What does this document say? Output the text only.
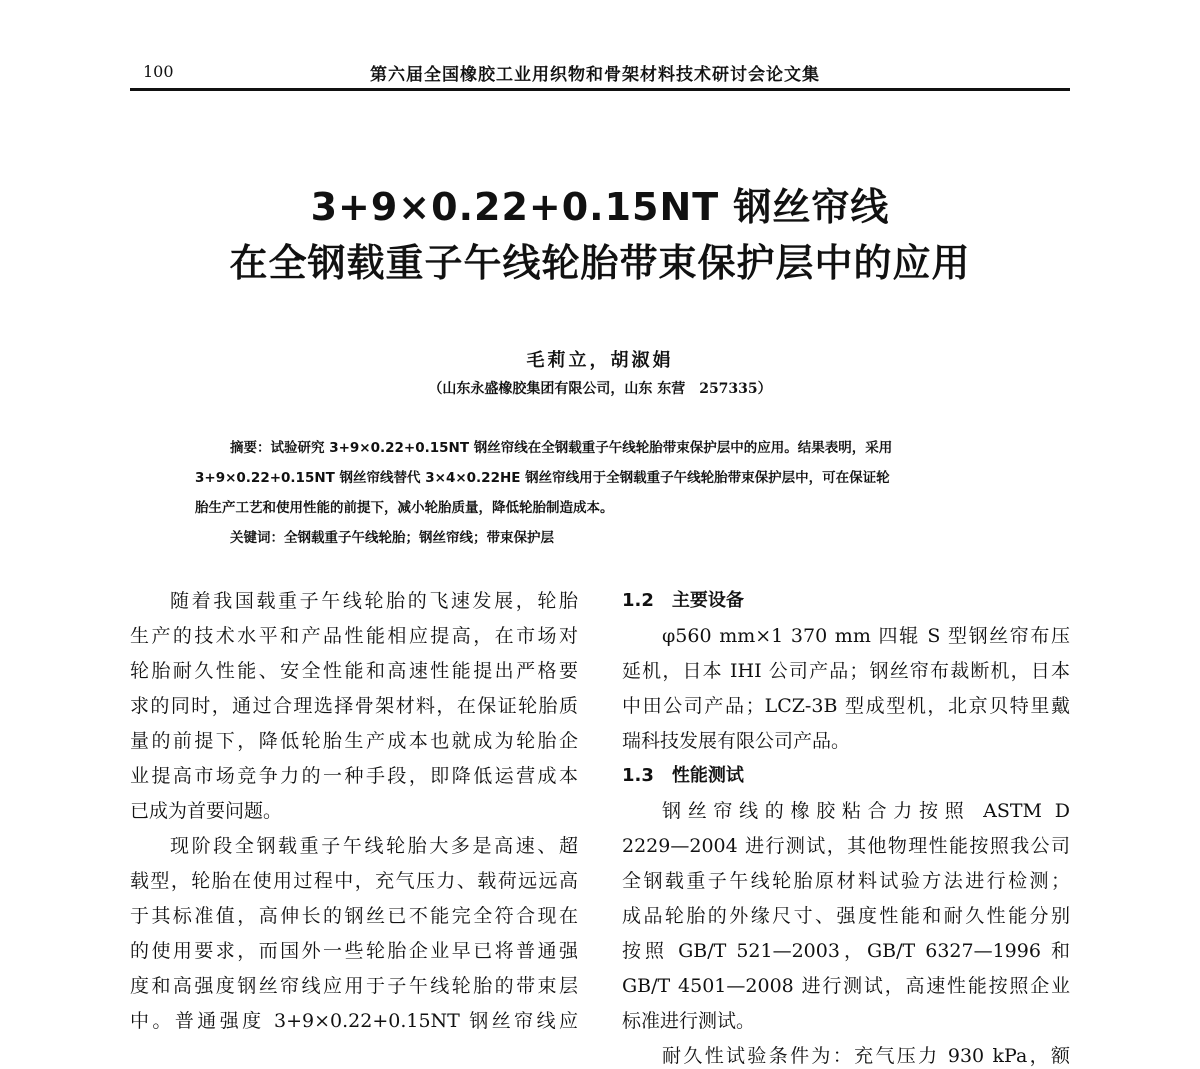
100	第六届全国橡胶工业用织物和骨架材料技术研讨会论文集
3+9×0.22+0.15NT 钢丝帘线
在全钢载重子午线轮胎带束保护层中的应用
毛莉立，胡淑娟
（山东永盛橡胶集团有限公司，山东 东营　257335）
摘要：试验研究 3+9×0.22+0.15NT 钢丝帘线在全钢载重子午线轮胎带束保护层中的应用。结果表明，采用
3+9×0.22+0.15NT 钢丝帘线替代 3×4×0.22HE 钢丝帘线用于全钢载重子午线轮胎带束保护层中，可在保证轮
胎生产工艺和使用性能的前提下，减小轮胎质量，降低轮胎制造成本。
关键词：全钢载重子午线轮胎；钢丝帘线；带束保护层
随着我国载重子午线轮胎的飞速发展，轮胎
生产的技术水平和产品性能相应提高，在市场对
轮胎耐久性能、安全性能和高速性能提出严格要
求的同时，通过合理选择骨架材料，在保证轮胎质
量的前提下，降低轮胎生产成本也就成为轮胎企
业提高市场竞争力的一种手段，即降低运营成本
已成为首要问题。
现阶段全钢载重子午线轮胎大多是高速、超
载型，轮胎在使用过程中，充气压力、载荷远远高
于其标准值，高伸长的钢丝已不能完全符合现在
的使用要求，而国外一些轮胎企业早已将普通强
度和高强度钢丝帘线应用于子午线轮胎的带束层
中。普通强度 3+9×0.22+0.15NT 钢丝帘线应
1.2　主要设备
φ560 mm×1 370 mm 四辊 S 型钢丝帘布压
延机，日本 IHI 公司产品；钢丝帘布裁断机，日本
中田公司产品；LCZ-3B 型成型机，北京贝特里戴
瑞科技发展有限公司产品。
1.3　性能测试
钢丝帘线的橡胶粘合力按照 ASTM D
2229—2004 进行测试，其他物理性能按照我公司
全钢载重子午线轮胎原材料试验方法进行检测；
成品轮胎的外缘尺寸、强度性能和耐久性能分别
按照 GB/T 521—2003，GB/T 6327—1996 和
GB/T 4501—2008 进行测试，高速性能按照企业
标准进行测试。
耐久性试验条件为：充气压力 930 kPa，额
